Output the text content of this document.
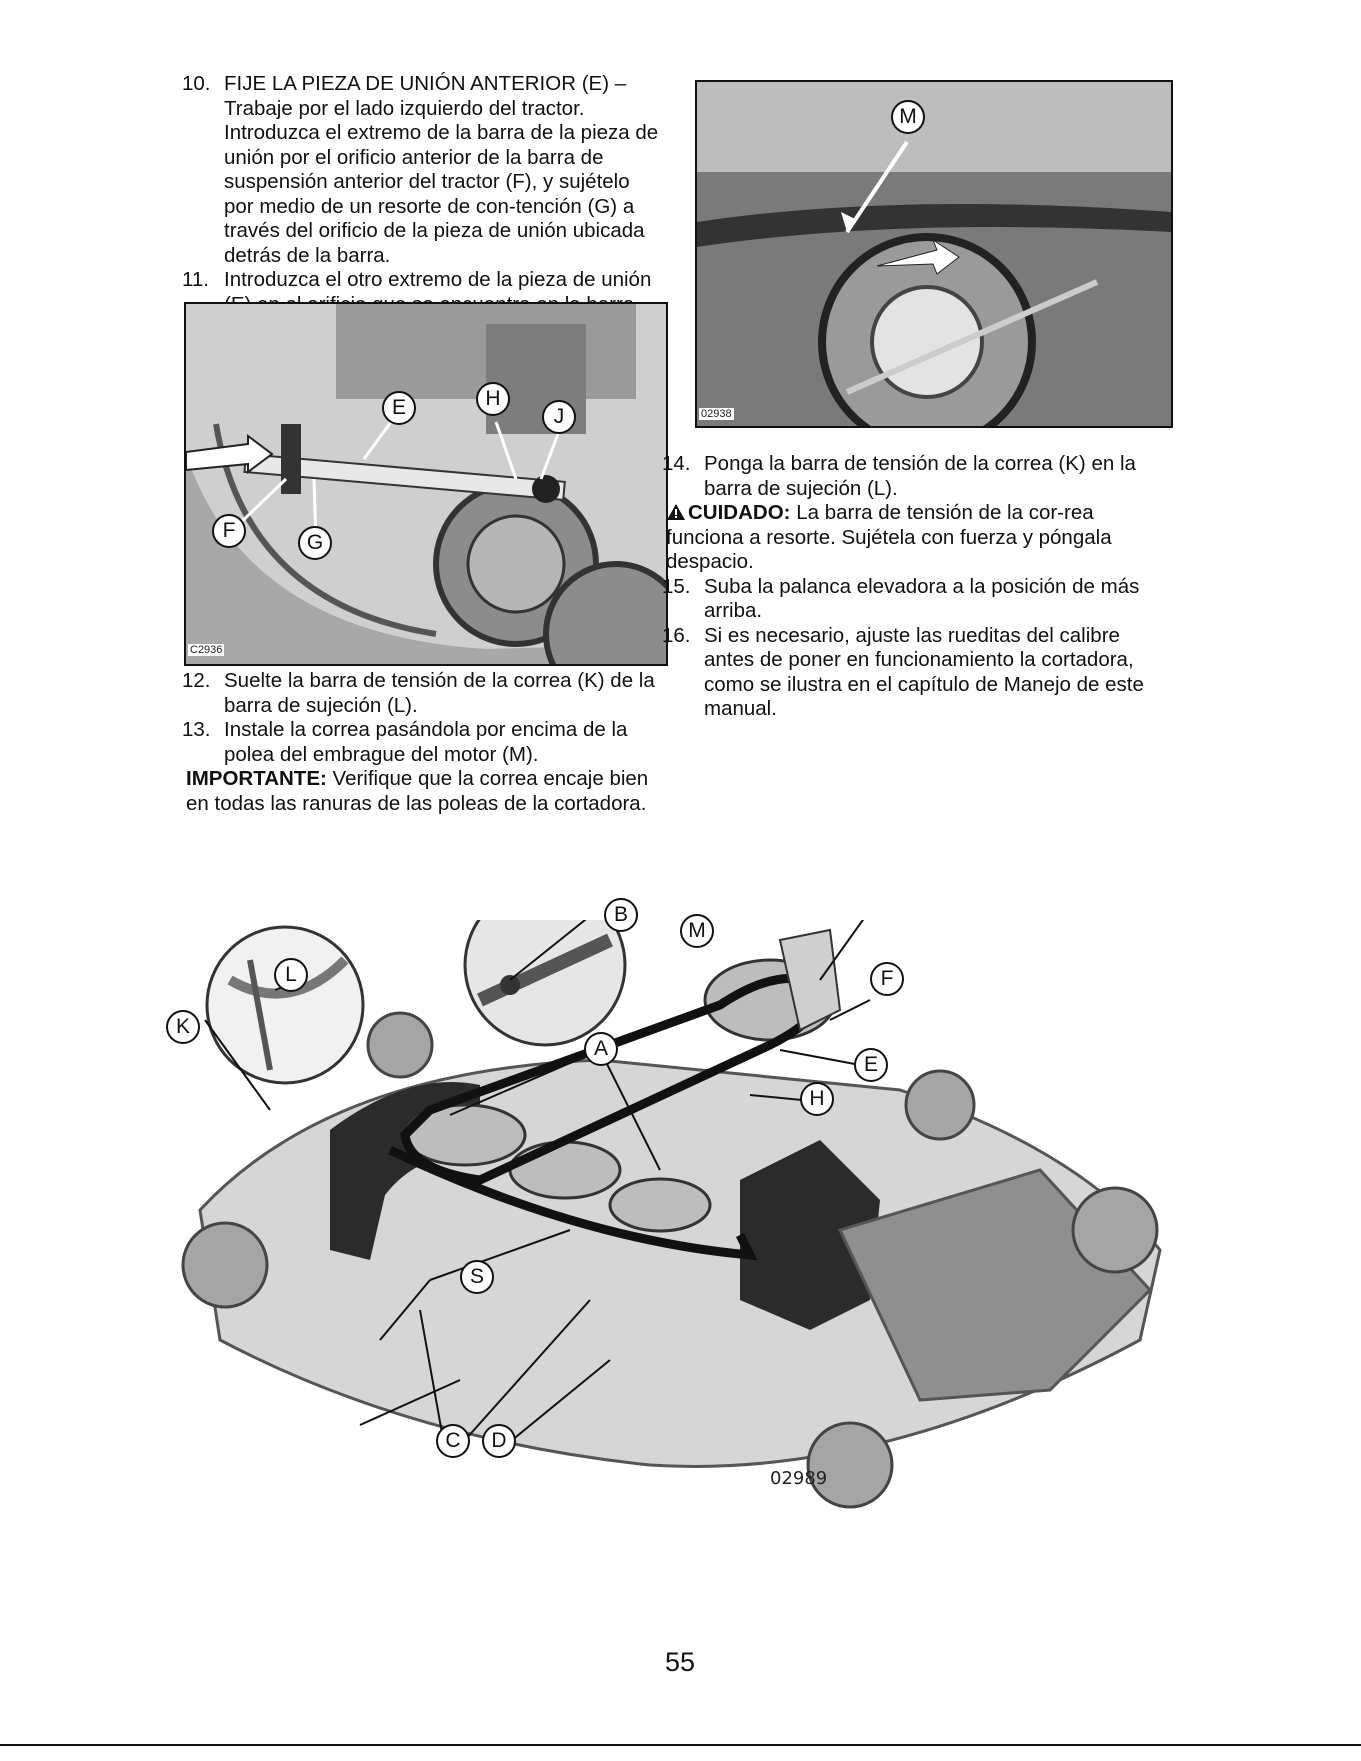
10. FIJE LA PIEZA DE UNIÓN ANTERIOR (E) – Trabaje por el lado izquierdo del tractor. Introduzca el extremo de la barra de la pieza de unión por el orificio anterior de la barra de suspensión anterior del tractor (F), y sujételo por medio de un resorte de con-tención (G) a través del orificio de la pieza de unión ubicada detrás de la barra.

11. Introduzca el otro extremo de la pieza de unión

E	H
J
F
G
C2936

12. Suelte la barra de tensión de la correa (K) de la barra de sujeción (L).

13. Instale la correa pasándola por encima de la polea del embrague del motor (M).

IMPORTANTE: Verifique que la correa encaje bien en todas las ranuras de las poleas de la cortadora.

M
02938

14. Ponga la barra de tensión de la correa (K) en la barra de sujeción (L).

CUIDADO: La barra de tensión de la cor-rea funciona a resorte. Sujétela con fuerza y póngala despacio.

15. Suba la palanca elevadora a la posición de más arriba.

16. Si es necesario, ajuste las rueditas del calibre antes de poner en funcionamiento la cortadora, como se ilustra en el capítulo de Manejo de este manual.

B
M
F
K
L
A
E
H
S
C	D
02989
55
